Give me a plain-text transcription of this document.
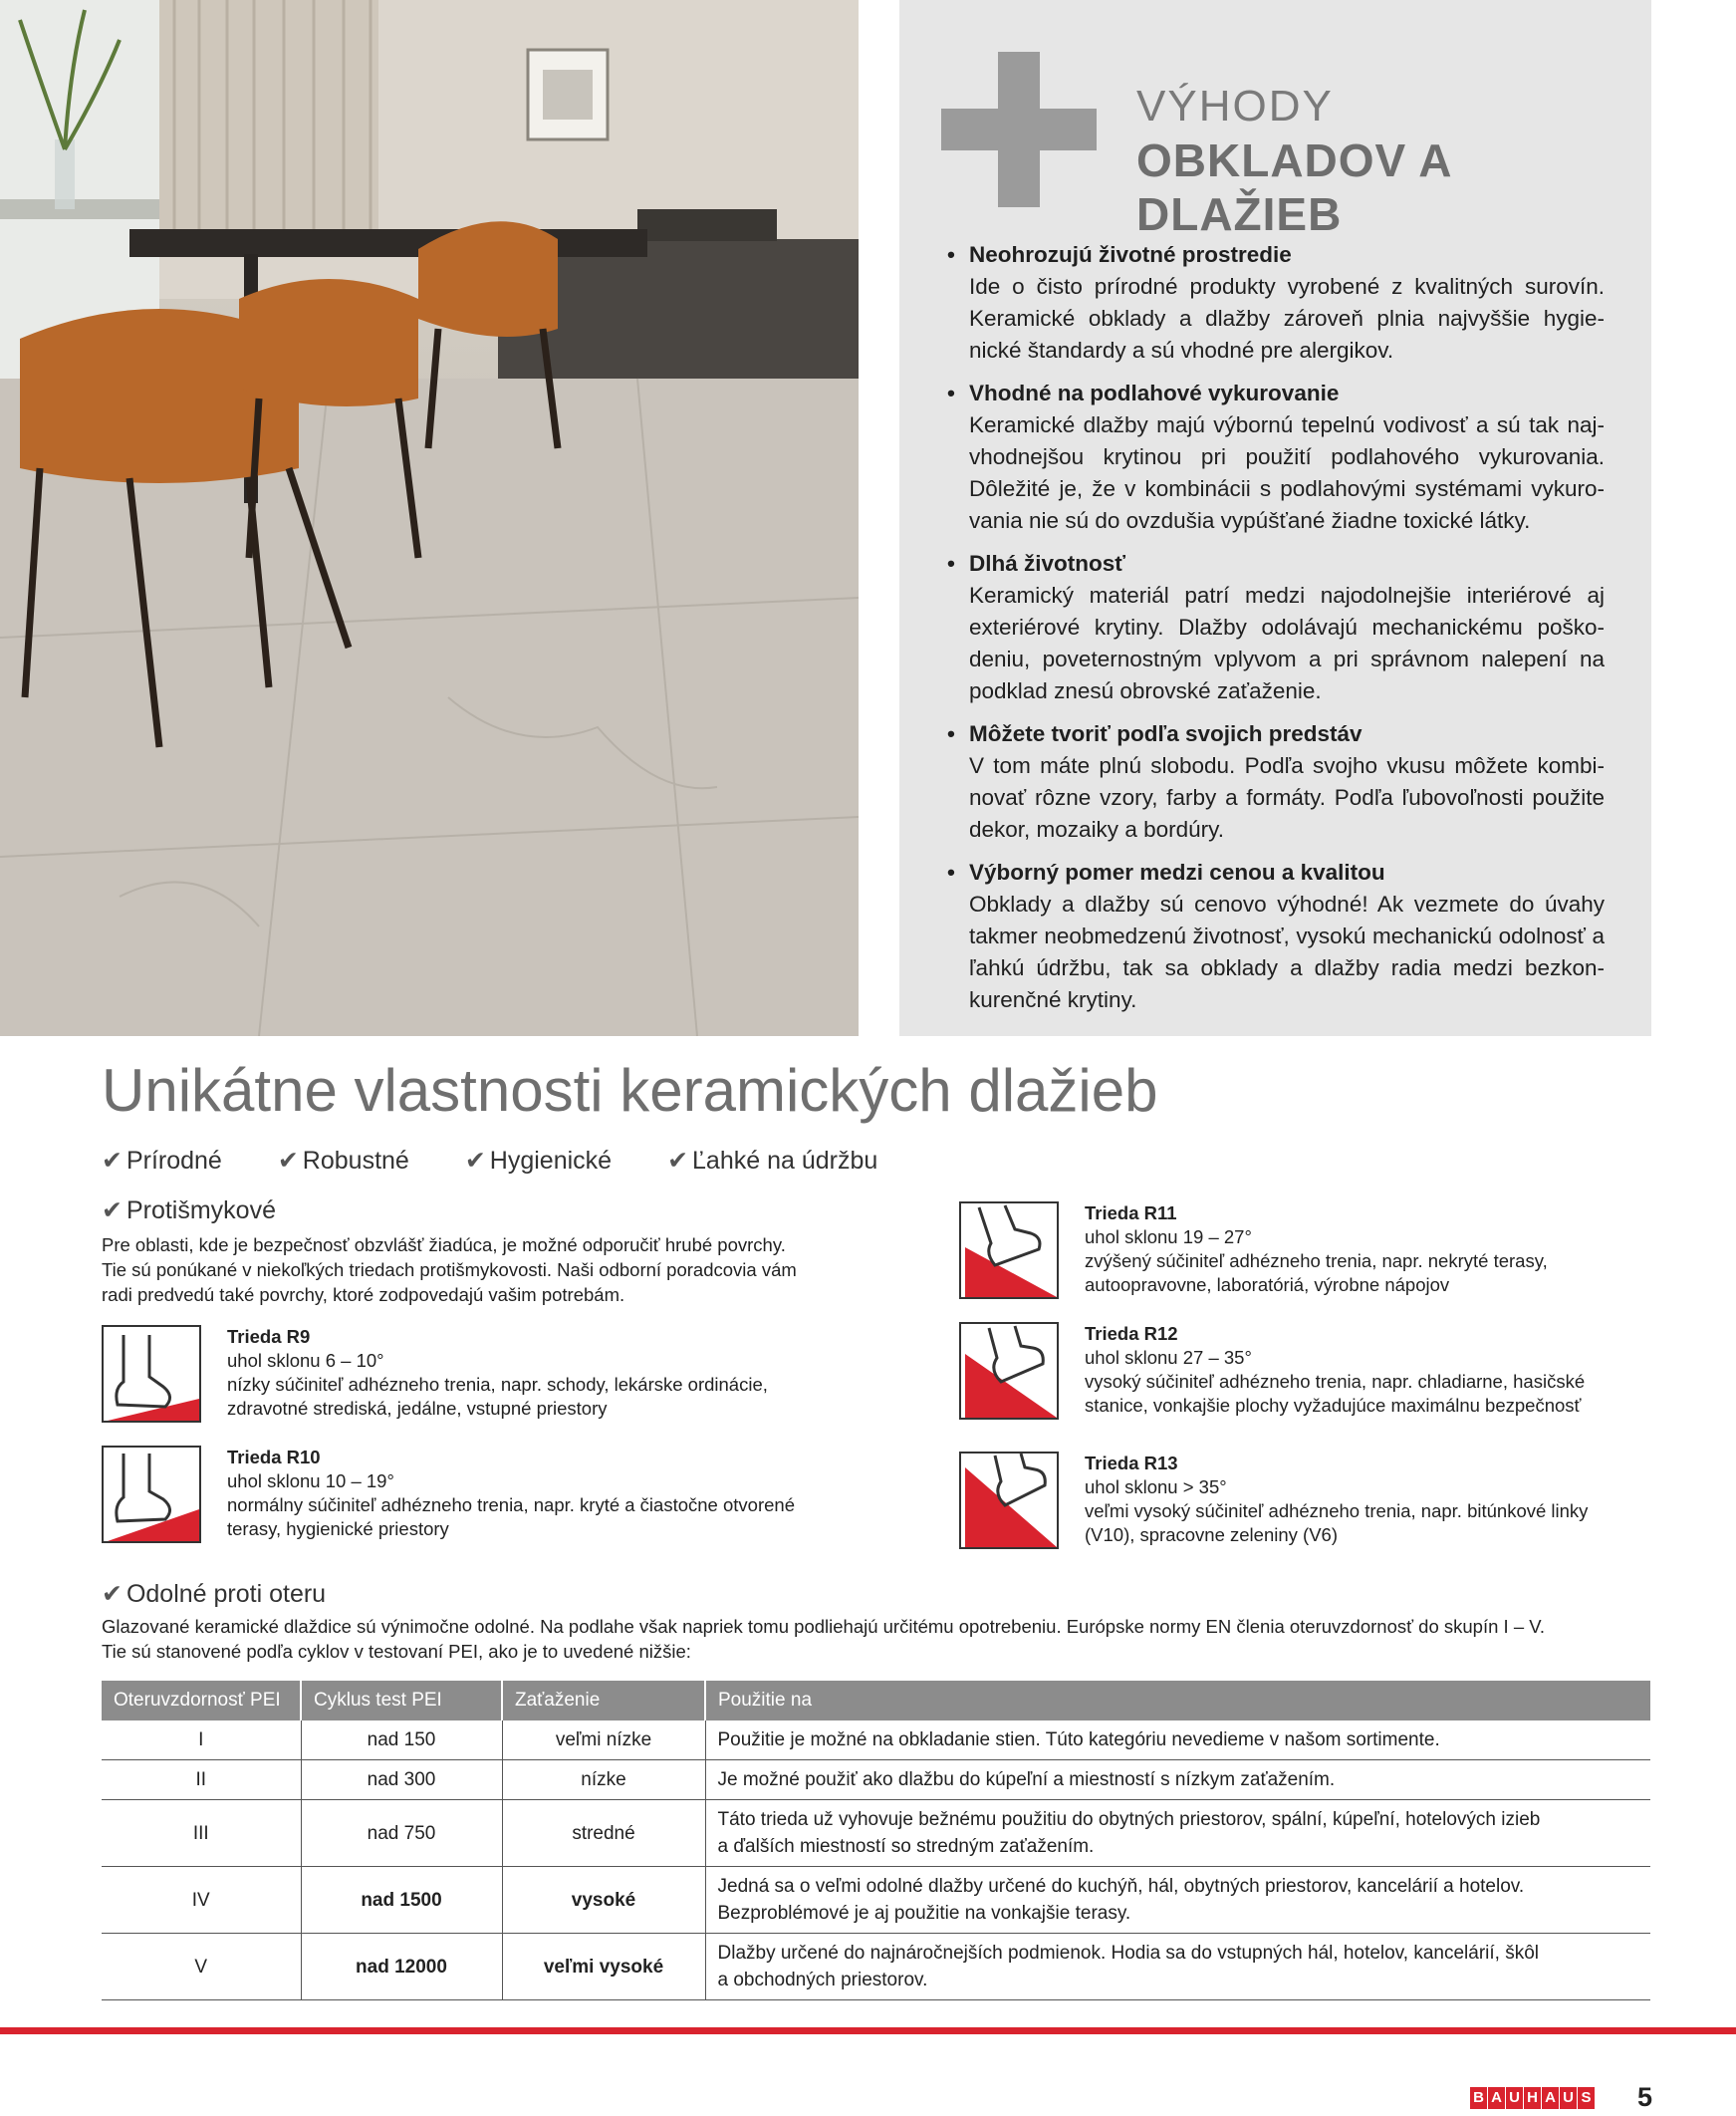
VÝHODY
OBKLADOV A DLAŽIEB
• Neohrozujú životné prostredie
Ide o čisto prírodné produkty vyrobené z kvalitných surovín. Keramické obklady a dlažby zároveň plnia najvyššie hygie- nické štandardy a sú vhodné pre alergikov.
• Vhodné na podlahové vykurovanie
Keramické dlažby majú výbornú tepelnú vodivosť a sú tak naj- vhodnejšou krytinou pri použití podlahového vykurovania. Dôležité je, že v kombinácii s podlahovými systémami vykuro- vania nie sú do ovzdušia vypúšťané žiadne toxické látky.
• Dlhá životnosť
Keramický materiál patrí medzi najodolnejšie interiérové aj exteriérové krytiny. Dlažby odolávajú mechanickému poško- deniu, poveternostným vplyvom a pri správnom nalepení na podklad znesú obrovské zaťaženie.
• Môžete tvoriť podľa svojich predstáv
V tom máte plnú slobodu. Podľa svojho vkusu môžete kombi- novať rôzne vzory, farby a formáty. Podľa ľubovoľnosti použite dekor, mozaiky a bordúry.
• Výborný pomer medzi cenou a kvalitou
Obklady a dlažby sú cenovo výhodné! Ak vezmete do úvahy takmer neobmedzenú životnosť, vysokú mechanickú odolnosť a ľahkú údržbu, tak sa obklady a dlažby radia medzi bezkon- kurenčné krytiny.
Unikátne vlastnosti keramických dlažieb
✔ Prírodné ✔ Robustné ✔ Hygienické ✔ Ľahké na údržbu
✔ Protišmykové
Pre oblasti, kde je bezpečnosť obzvlášť žiadúca, je možné odporučiť hrubé povrchy.
Tie sú ponúkané v niekoľkých triedach protišmykovosti. Naši odborní poradcovia vám
radi predvedú také povrchy, ktoré zodpovedajú vašim potrebám.
Trieda R9
uhol sklonu 6 – 10°
nízky súčiniteľ adhézneho trenia, napr. schody, lekárske ordinácie,
zdravotné strediská, jedálne, vstupné priestory
Trieda R10
uhol sklonu 10 – 19°
normálny súčiniteľ adhézneho trenia, napr. kryté a čiastočne otvorené
terasy, hygienické priestory
Trieda R11
uhol sklonu 19 – 27°
zvýšený súčiniteľ adhézneho trenia, napr. nekryté terasy,
autoopravovne, laboratóriá, výrobne nápojov
Trieda R12
uhol sklonu 27 – 35°
vysoký súčiniteľ adhézneho trenia, napr. chladiarne, hasičské
stanice, vonkajšie plochy vyžadujúce maximálnu bezpečnosť
Trieda R13
uhol sklonu > 35°
veľmi vysoký súčiniteľ adhézneho trenia, napr. bitúnkové linky
(V10), spracovne zeleniny (V6)
✔ Odolné proti oteru
Glazované keramické dlaždice sú výnimočne odolné. Na podlahe však napriek tomu podliehajú určitému opotrebeniu. Európske normy EN členia oteruvzdornosť do skupín I – V.
Tie sú stanovené podľa cyklov v testovaní PEI, ako je to uvedené nižšie:
Oteruvzdornosť PEI	Cyklus test PEI	Zaťaženie	Použitie na
I	nad 150	veľmi nízke	Použitie je možné na obkladanie stien. Túto kategóriu nevedieme v našom sortimente.

II	nad 300	nízke	Je možné použiť ako dlažbu do kúpeľní a miestností s nízkym zaťažením.

III	nad 750	stredné	Táto trieda už vyhovuje bežnému použitiu do obytných priestorov, spální, kúpeľní, hotelových izieb
a ďalších miestností so stredným zaťažením.

IV	nad 1500	vysoké	Jedná sa o veľmi odolné dlažby určené do kuchýň, hál, obytných priestorov, kancelárií a hotelov.
Bezproblémové je aj použitie na vonkajšie terasy.

V	nad 12000	veľmi vysoké	Dlažby určené do najnáročnejších podmienok. Hodia sa do vstupných hál, hotelov, kancelárií, škôl
a obchodných priestorov.
B A U H A U S 5
